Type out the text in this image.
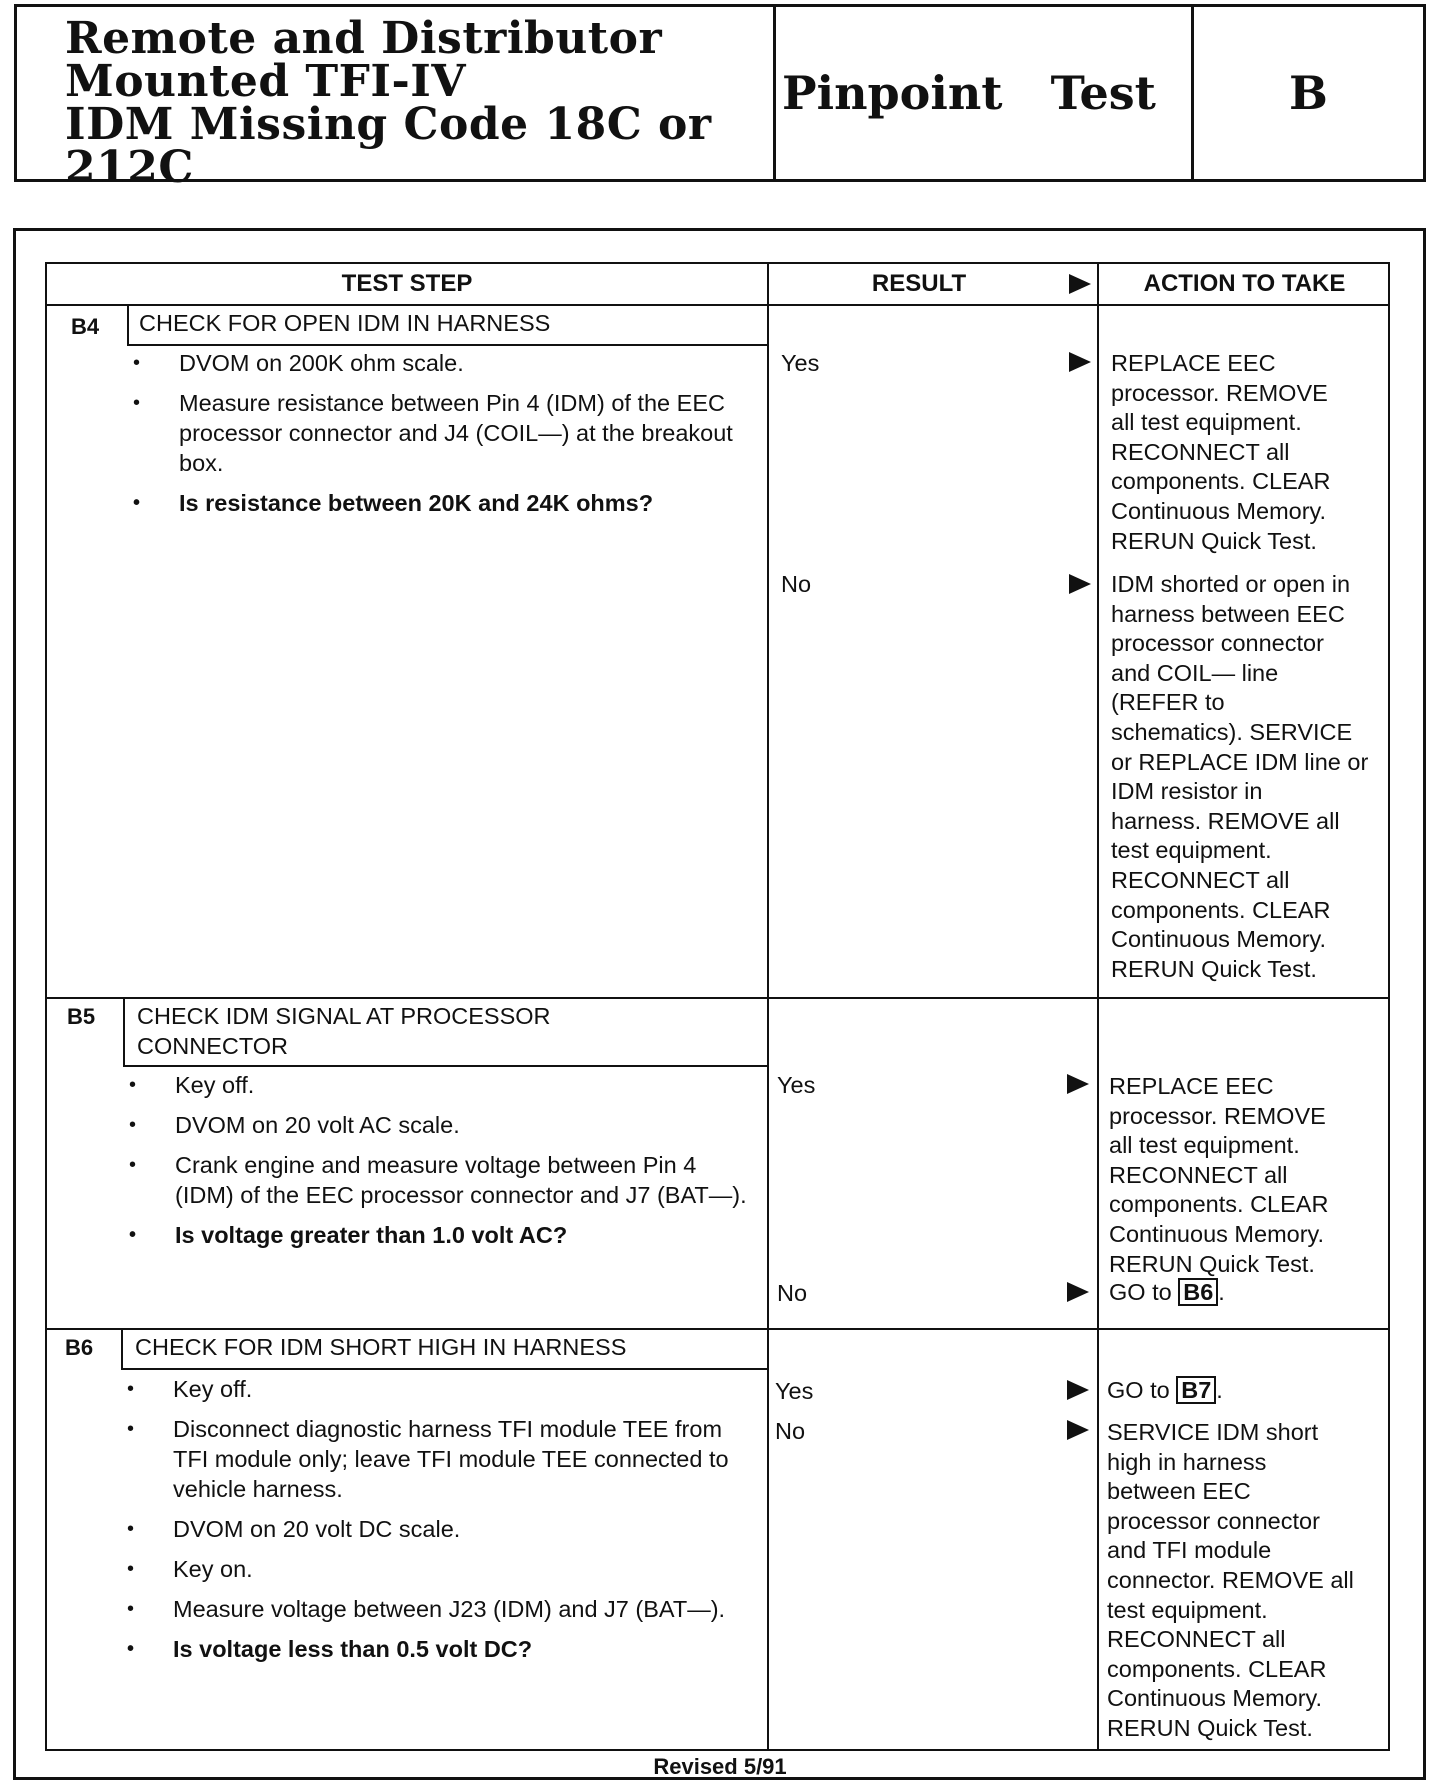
Remote and Distributor
Mounted TFI-IV
IDM Missing Code 18C or
212C
Pinpoint   Test	B
TEST STEP	RESULT	ACTION TO TAKE
B4 CHECK FOR OPEN IDM IN HARNESS
• DVOM on 200K ohm scale.
• Measure resistance between Pin 4 (IDM) of the EEC processor connector and J4 (COIL—) at the breakout box.
• Is resistance between 20K and 24K ohms?
Yes	REPLACE EEC
processor. REMOVE
all test equipment.
RECONNECT all
components. CLEAR
Continuous Memory.
RERUN Quick Test.
No	IDM shorted or open in
harness between EEC
processor connector
and COIL— line
(REFER to
schematics). SERVICE
or REPLACE IDM line or
IDM resistor in
harness. REMOVE all
test equipment.
RECONNECT all
components. CLEAR
Continuous Memory.
RERUN Quick Test.
B5 CHECK IDM SIGNAL AT PROCESSOR
CONNECTOR
• Key off.
• DVOM on 20 volt AC scale.
• Crank engine and measure voltage between Pin 4 (IDM) of the EEC processor connector and J7 (BAT—).
• Is voltage greater than 1.0 volt AC?
Yes	REPLACE EEC
processor. REMOVE
all test equipment.
RECONNECT all
components. CLEAR
Continuous Memory.
RERUN Quick Test.
No	GO to B6 .
B6 CHECK FOR IDM SHORT HIGH IN HARNESS
• Key off.
• Disconnect diagnostic harness TFI module TEE from TFI module only; leave TFI module TEE connected to vehicle harness.
• DVOM on 20 volt DC scale.
• Key on.
• Measure voltage between J23 (IDM) and J7 (BAT—).
• Is voltage less than 0.5 volt DC?
Yes	GO to B7 .
No	SERVICE IDM short
high in harness
between EEC
processor connector
and TFI module
connector. REMOVE all
test equipment.
RECONNECT all
components. CLEAR
Continuous Memory.
RERUN Quick Test.
Revised 5/91
